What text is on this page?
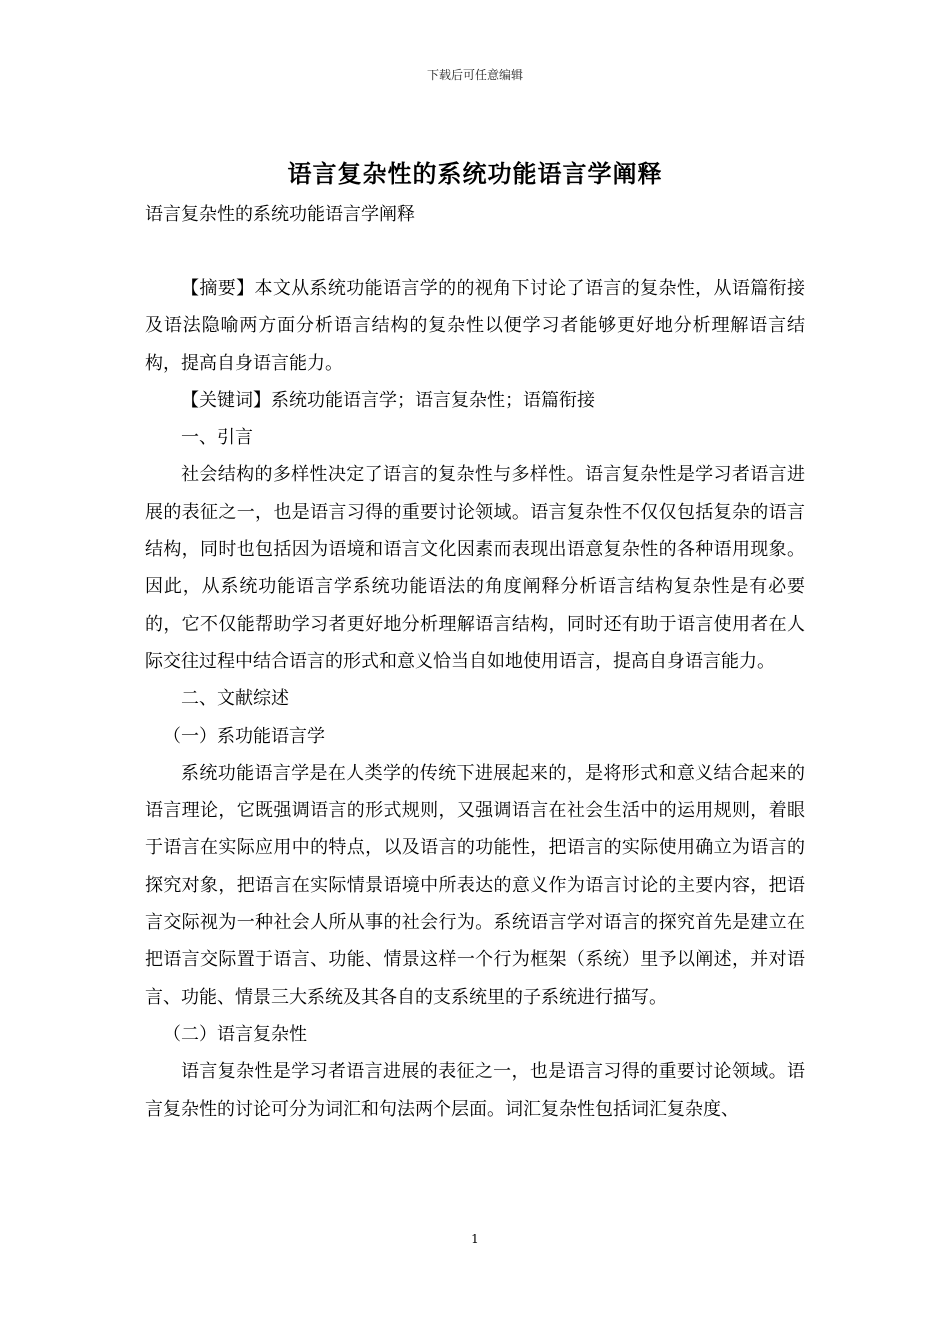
下载后可任意编辑
语言复杂性的系统功能语言学阐释
语言复杂性的系统功能语言学阐释

【摘要】本文从系统功能语言学的的视角下讨论了语言的复杂性，从语篇衔接及语法隐喻两方面分析语言结构的复杂性以便学习者能够更好地分析理解语言结构，提高自身语言能力。

【关键词】系统功能语言学；语言复杂性；语篇衔接

一、引言

社会结构的多样性决定了语言的复杂性与多样性。语言复杂性是学习者语言进展的表征之一，也是语言习得的重要讨论领域。语言复杂性不仅仅包括复杂的语言结构，同时也包括因为语境和语言文化因素而表现出语意复杂性的各种语用现象。因此，从系统功能语言学系统功能语法的角度阐释分析语言结构复杂性是有必要的，它不仅能帮助学习者更好地分析理解语言结构，同时还有助于语言使用者在人际交往过程中结合语言的形式和意义恰当自如地使用语言，提高自身语言能力。

二、文献综述

（一）系功能语言学

系统功能语言学是在人类学的传统下进展起来的，是将形式和意义结合起来的语言理论，它既强调语言的形式规则，又强调语言在社会生活中的运用规则，着眼于语言在实际应用中的特点，以及语言的功能性，把语言的实际使用确立为语言的探究对象，把语言在实际情景语境中所表达的意义作为语言讨论的主要内容，把语言交际视为一种社会人所从事的社会行为。系统语言学对语言的探究首先是建立在把语言交际置于语言、功能、情景这样一个行为框架（系统）里予以阐述，并对语言、功能、情景三大系统及其各自的支系统里的子系统进行描写。

（二）语言复杂性

语言复杂性是学习者语言进展的表征之一，也是语言习得的重要讨论领域。语言复杂性的讨论可分为词汇和句法两个层面。词汇复杂性包括词汇复杂度、

1
